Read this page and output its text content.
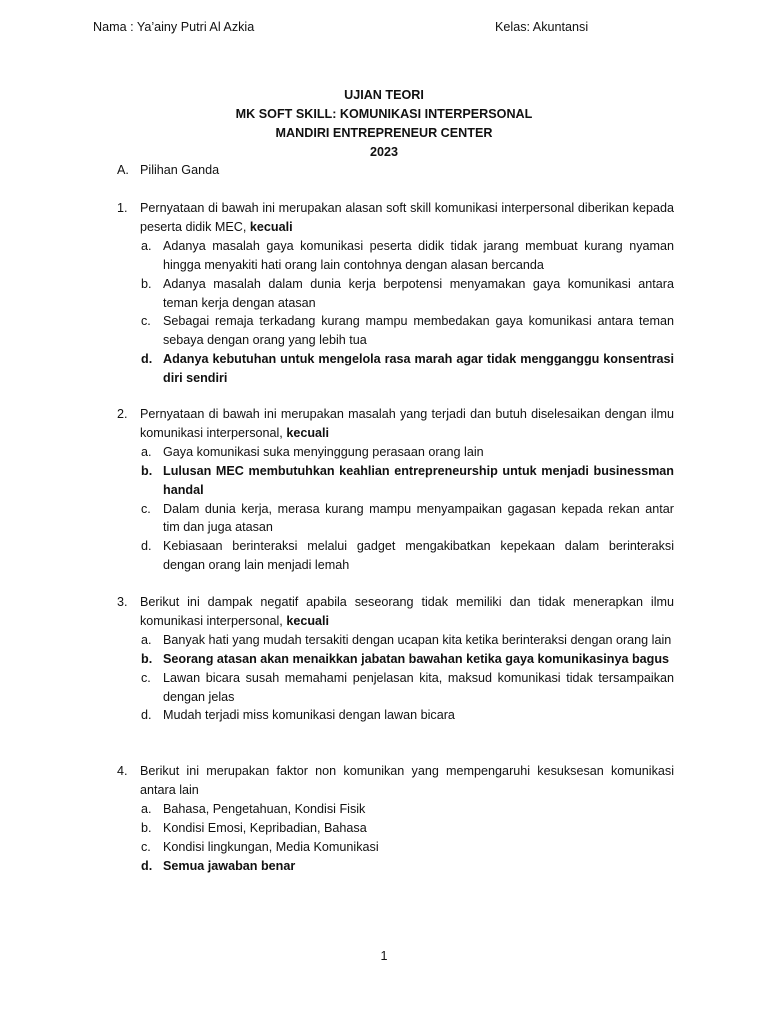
Nama : Ya’ainy Putri Al Azkia	Kelas: Akuntansi
UJIAN TEORI
MK SOFT SKILL: KOMUNIKASI INTERPERSONAL
MANDIRI ENTREPRENEUR CENTER
2023
A. Pilihan Ganda
1. Pernyataan di bawah ini merupakan alasan soft skill komunikasi interpersonal diberikan kepada peserta didik MEC, kecuali
a. Adanya masalah gaya komunikasi peserta didik tidak jarang membuat kurang nyaman hingga menyakiti hati orang lain contohnya dengan alasan bercanda
b. Adanya masalah dalam dunia kerja berpotensi menyamakan gaya komunikasi antara teman kerja dengan atasan
c. Sebagai remaja terkadang kurang mampu membedakan gaya komunikasi antara teman sebaya dengan orang yang lebih tua
d. Adanya kebutuhan untuk mengelola rasa marah agar tidak mengganggu konsentrasi diri sendiri
2. Pernyataan di bawah ini merupakan masalah yang terjadi dan butuh diselesaikan dengan ilmu komunikasi interpersonal, kecuali
a. Gaya komunikasi suka menyinggung perasaan orang lain
b. Lulusan MEC membutuhkan keahlian entrepreneurship untuk menjadi businessman handal
c. Dalam dunia kerja, merasa kurang mampu menyampaikan gagasan kepada rekan antar tim dan juga atasan
d. Kebiasaan berinteraksi melalui gadget mengakibatkan kepekaan dalam berinteraksi dengan orang lain menjadi lemah
3. Berikut ini dampak negatif apabila seseorang tidak memiliki dan tidak menerapkan ilmu komunikasi interpersonal, kecuali
a. Banyak hati yang mudah tersakiti dengan ucapan kita ketika berinteraksi dengan orang lain
b. Seorang atasan akan menaikkan jabatan bawahan ketika gaya komunikasinya bagus
c. Lawan bicara susah memahami penjelasan kita, maksud komunikasi tidak tersampaikan dengan jelas
d. Mudah terjadi miss komunikasi dengan lawan bicara
4. Berikut ini merupakan faktor non komunikan yang mempengaruhi kesuksesan komunikasi antara lain
a. Bahasa, Pengetahuan, Kondisi Fisik
b. Kondisi Emosi, Kepribadian, Bahasa
c. Kondisi lingkungan, Media Komunikasi
d. Semua jawaban benar
1
